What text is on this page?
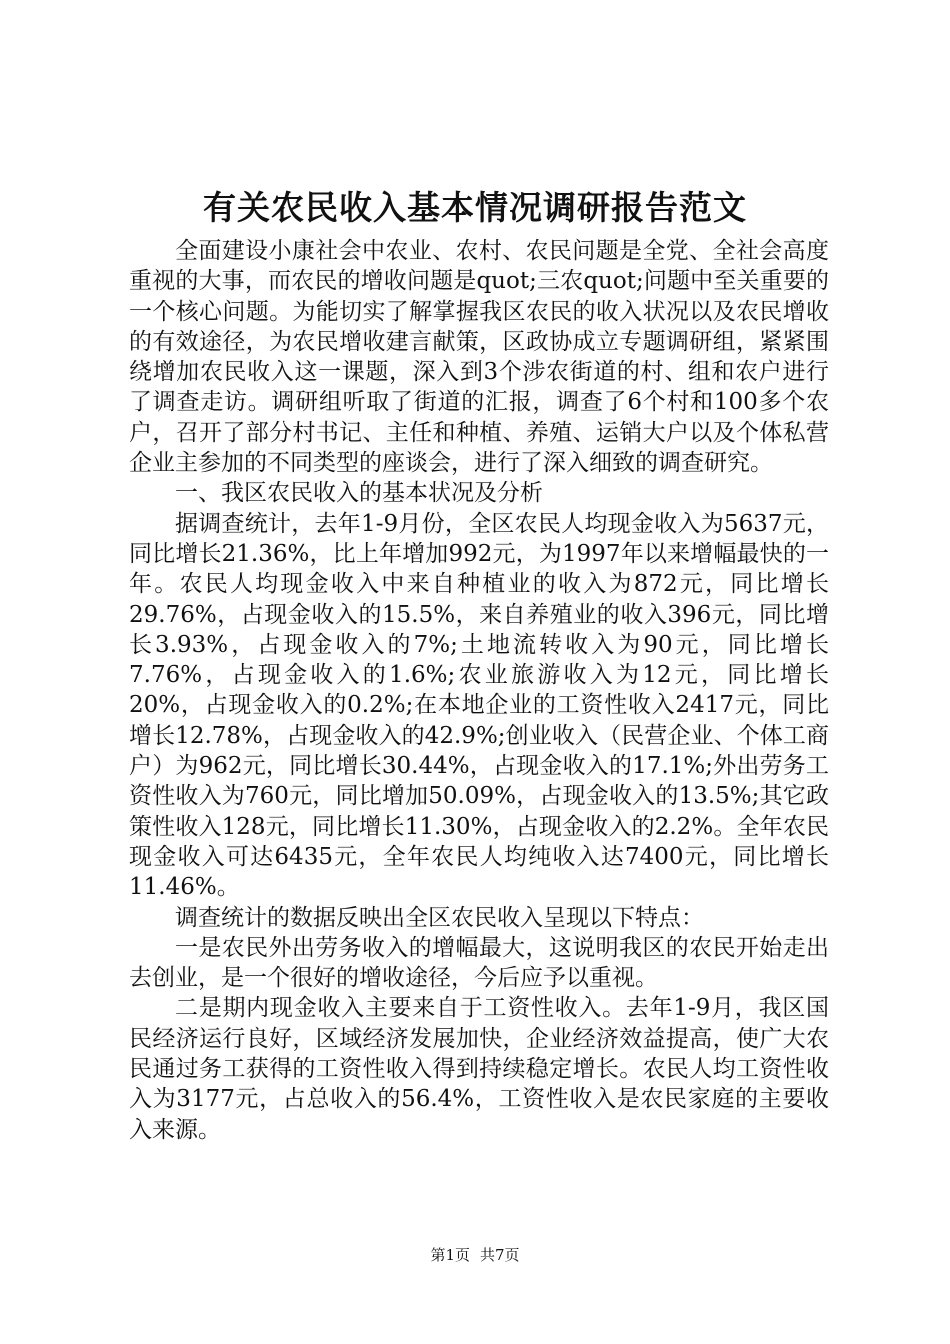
有关农民收入基本情况调研报告范文

全面建设小康社会中农业、农村、农民问题是全党、全社会高度重视的大事，而农民的增收问题是quot;三农quot;问题中至关重要的一个核心问题。为能切实了解掌握我区农民的收入状况以及农民增收的有效途径，为农民增收建言献策，区政协成立专题调研组，紧紧围绕增加农民收入这一课题，深入到3个涉农街道的村、组和农户进行了调查走访。调研组听取了街道的汇报，调查了6个村和100多个农户，召开了部分村书记、主任和种植、养殖、运销大户以及个体私营企业主参加的不同类型的座谈会，进行了深入细致的调查研究。

一、我区农民收入的基本状况及分析

据调查统计，去年1-9月份，全区农民人均现金收入为5637元，同比增长21.36%，比上年增加992元，为1997年以来增幅最快的一年。农民人均现金收入中来自种植业的收入为872元，同比增长29.76%，占现金收入的15.5%，来自养殖业的收入396元，同比增长3.93%，占现金收入的7%;土地流转收入为90元，同比增长7.76%，占现金收入的1.6%;农业旅游收入为12元，同比增长20%，占现金收入的0.2%;在本地企业的工资性收入2417元，同比增长12.78%，占现金收入的42.9%;创业收入（民营企业、个体工商户）为962元，同比增长30.44%，占现金收入的17.1%;外出劳务工资性收入为760元，同比增加50.09%，占现金收入的13.5%;其它政策性收入128元，同比增长11.30%，占现金收入的2.2%。全年农民现金收入可达6435元，全年农民人均纯收入达7400元，同比增长11.46%。

调查统计的数据反映出全区农民收入呈现以下特点：

一是农民外出劳务收入的增幅最大，这说明我区的农民开始走出去创业，是一个很好的增收途径，今后应予以重视。

二是期内现金收入主要来自于工资性收入。去年1-9月，我区国民经济运行良好，区域经济发展加快，企业经济效益提高，使广大农民通过务工获得的工资性收入得到持续稳定增长。农民人均工资性收入为3177元，占总收入的56.4%，工资性收入是农民家庭的主要收入来源。

第1页 共7页
